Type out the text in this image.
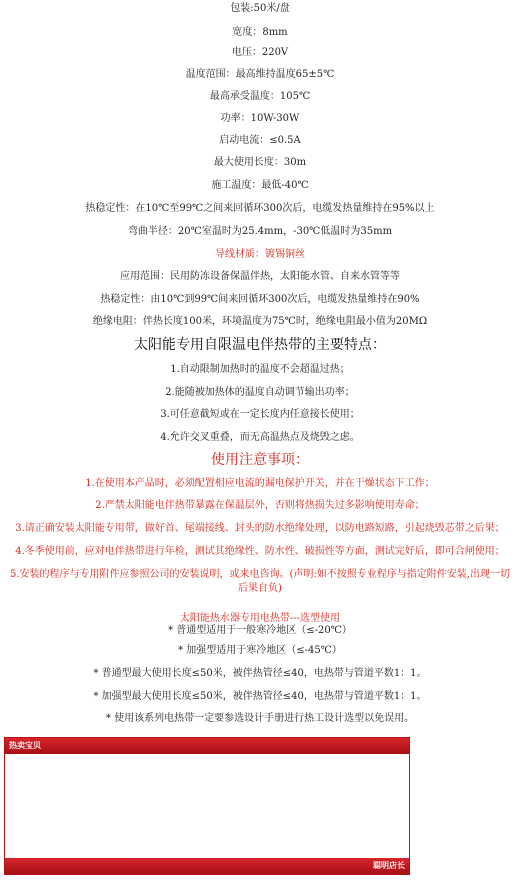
包装:50米/盘
宽度：8mm
电压：220V
温度范围：最高维持温度65±5℃
最高承受温度：105℃
功率：10W-30W
启动电流：≤0.5A
最大使用长度：30m
施工温度：最低-40℃
热稳定性：在10℃至99℃之间来回循环300次后，电缆发热量维持在95%以上
弯曲半径：20℃室温时为25.4mm，-30℃低温时为35mm
导线材质：镀锡铜丝
应用范围：民用防冻设备保温伴热，太阳能水管、自来水管等等
热稳定性：由10℃到99℃间来回循环300次后，电缆发热量维持在90%
绝缘电阻：伴热长度100米，环境温度为75℃时，绝缘电阻最小值为20MΩ
太阳能专用自限温电伴热带的主要特点：
1.自动限制加热时的温度不会超温过热；
2.能随被加热体的温度自动调节输出功率；
3.可任意截短或在一定长度内任意接长使用；
4.允许交叉重叠，而无高温热点及烧毁之虑。
使用注意事项：
1.在使用本产品时，必须配置相应电流的漏电保护开关，并在干燥状态下工作；
2.严禁太阳能电伴热带暴露在保温层外，否则将热损失过多影响使用寿命；
3.请正确安装太阳能专用带，做好首、尾端接线、封头的防水绝缘处理，以防电路短路，引起烧毁芯带之后果；
4.冬季使用前，应对电伴热带进行年检，测试其绝缘性、防水性、破损性等方面，测试完好后，即可合闸使用；
5.安装的程序与专用附件应参照公司的安装说明，或来电咨询。(声明:如不按照专业程序与指定附件安装,出现一切后果自负)
太阳能热水器专用电热带---选型使用
* 普通型适用于一般寒冷地区（≤-20℃）
* 加强型适用于寒冷地区（≤-45℃）
* 普通型最大使用长度≤50米，被伴热管径≤40，电热带与管道平数1：1。
* 加强型最大使用长度≤50米，被伴热管径≤40，电热带与管道平数1：1。
* 使用该系列电热带一定要参选设计手册进行热工设计选型以免误用。
热卖宝贝
聪明店长
